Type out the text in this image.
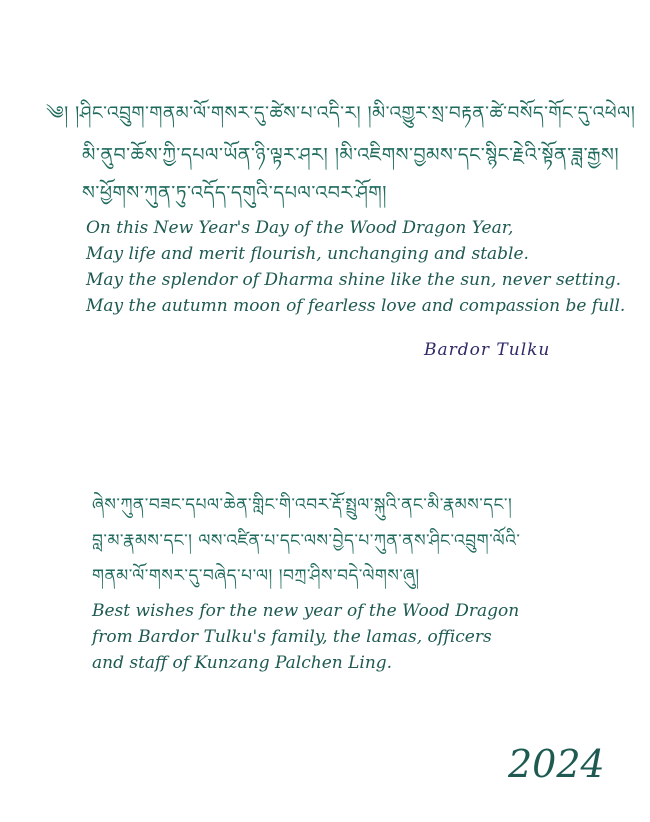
༄། །ཤིང་འབྲུག་གནམ་ལོ་གསར་དུ་ཚེས་པ་འདི་ར། །མི་འགྱུར་སྲ་བརྟན་ཚེ་བསོད་གོང་དུ་འཕེལ།
མི་ནུབ་ཆོས་ཀྱི་དཔལ་ཡོན་ཉི་ལྟར་ཤར། །མི་འཇིགས་བྱམས་དང་སྙིང་རྗེའི་སྟོན་ཟླ་རྒྱས།
ས་ཕྱོགས་ཀུན་ཏུ་འདོད་དགུའི་དཔལ་འབར་ཤོག།
On this New Year's Day of the Wood Dragon Year,
May life and merit flourish, unchanging and stable.
May the splendor of Dharma shine like the sun, never setting.
May the autumn moon of fearless love and compassion be full.
Bardor Tulku
ཞེས་ཀུན་བཟང་དཔལ་ཆེན་གླིང་གི་འབར་རྡོ་སྤྲུལ་སྐུའི་ནང་མི་རྣམས་དང་།
བླ་མ་རྣམས་དང་། ལས་འཛིན་པ་དང་ལས་བྱེད་པ་ཀུན་ནས་ཤིང་འབྲུག་ལོའི་
གནམ་ལོ་གསར་དུ་བཞེད་པ་ལ། །བཀྲ་ཤིས་བདེ་ལེགས་ཞུ།
Best wishes for the new year of the Wood Dragon
from Bardor Tulku's family, the lamas, officers
and staff of Kunzang Palchen Ling.
2024
